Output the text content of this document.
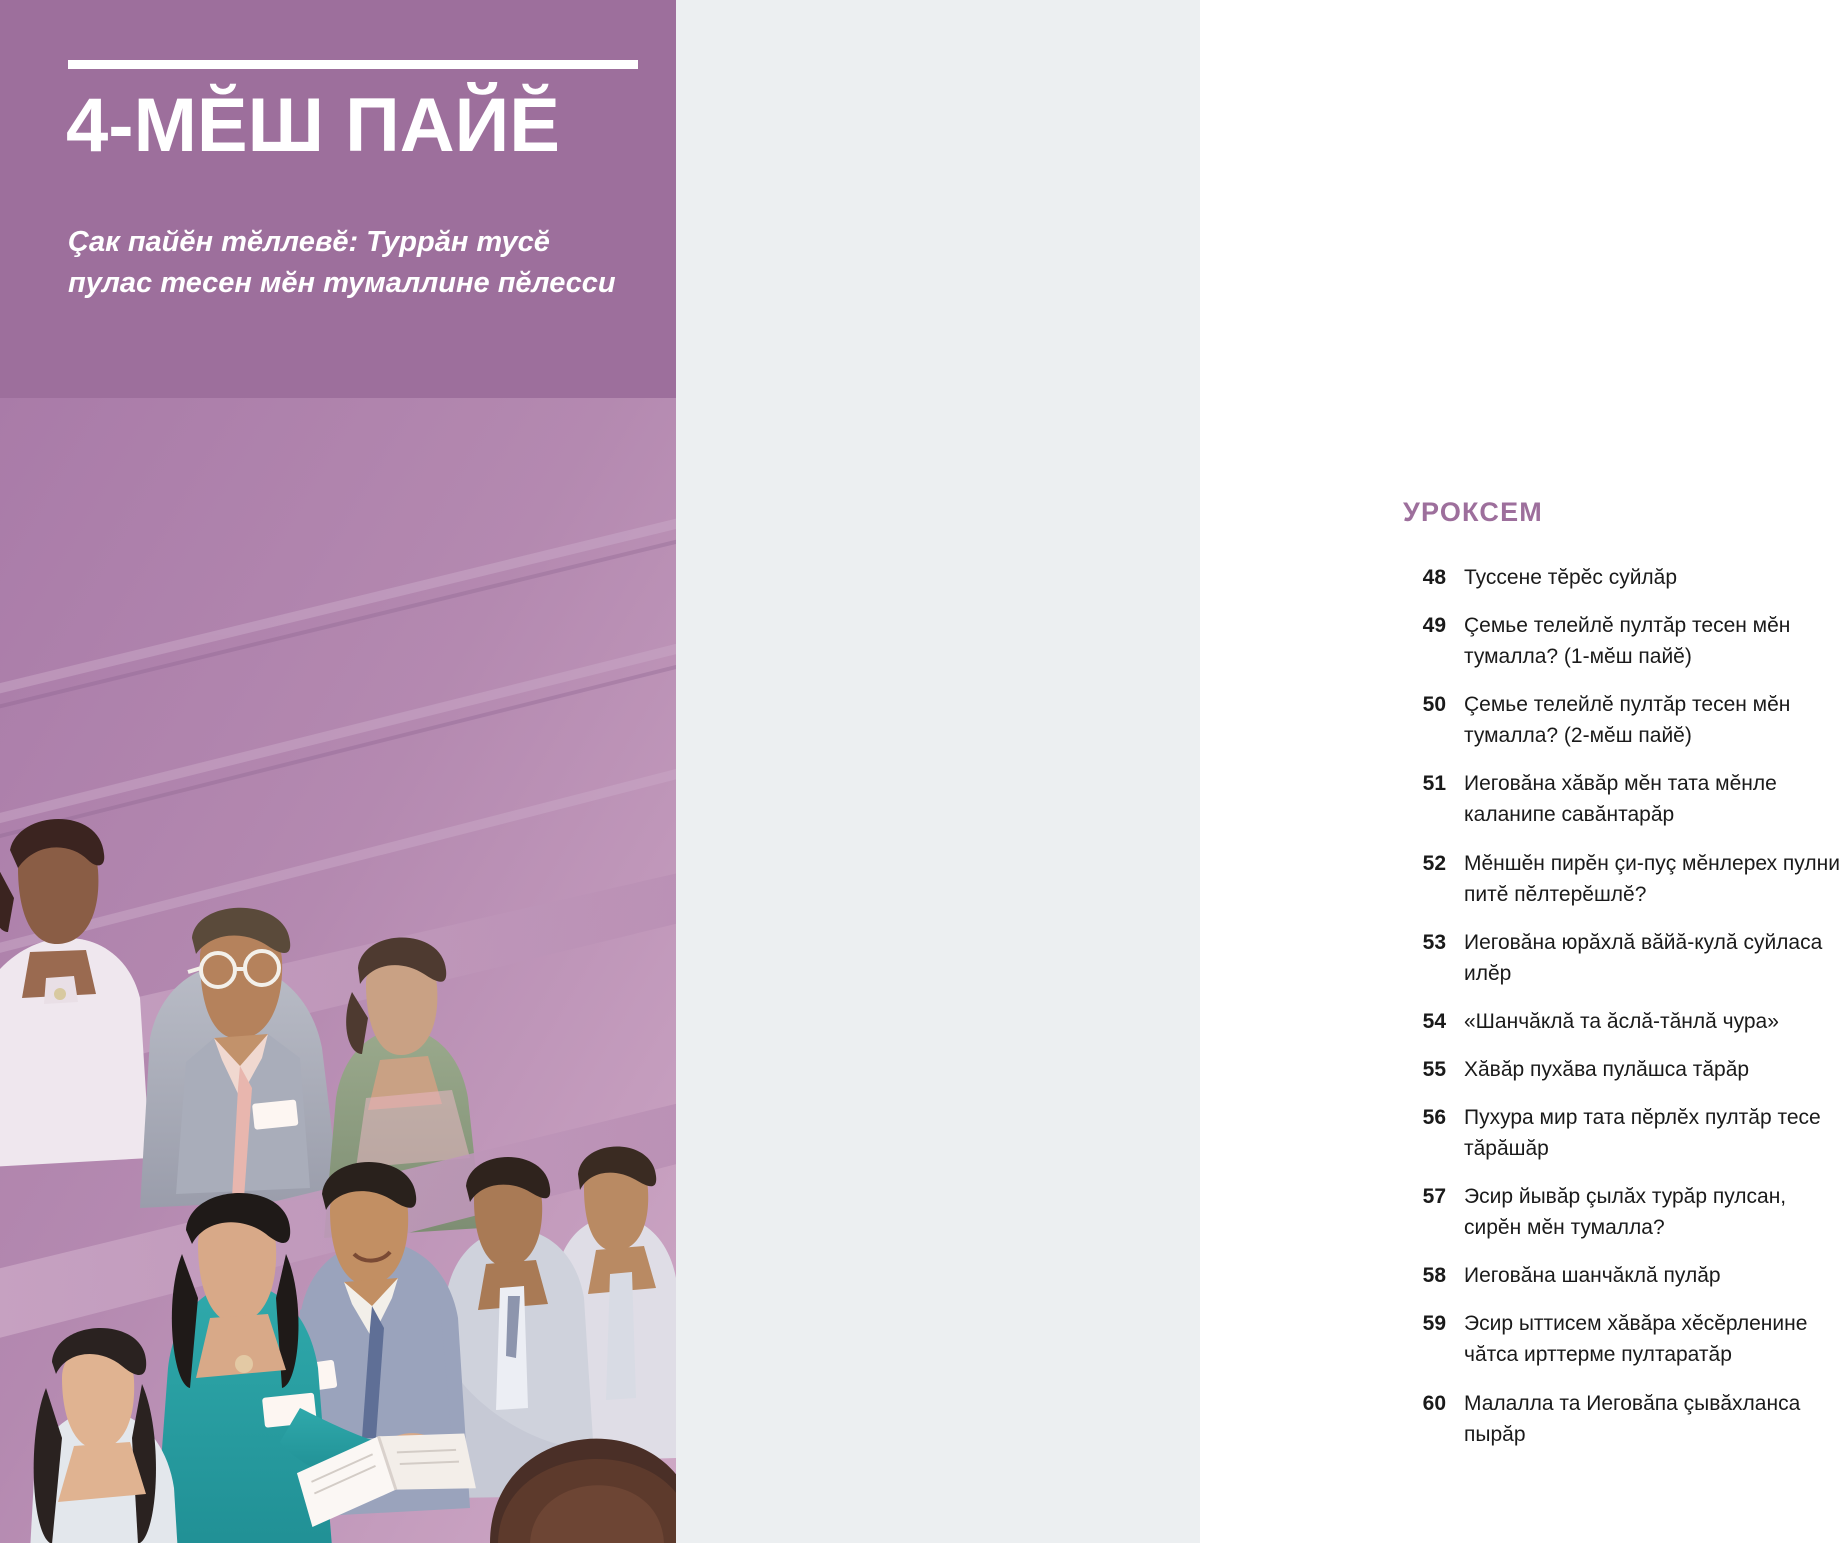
4-МӖШ ПАЙӖ
Çак пайӗн тӗллевӗ: Туррӑн тусӗ пулас тесен мӗн тумаллине пӗлесси
УРОКСЕМ
48 Туссене тӗрӗс суйлӑр
49 Çемье телейлӗ пултӑр тесен мӗн тумалла? (1-мӗш пайӗ)
50 Çемье телейлӗ пултӑр тесен мӗн тумалла? (2-мӗш пайӗ)
51 Иеговӑна хӑвӑр мӗн тата мӗнле каланипе савӑнтарӑр
52 Мӗншӗн пирӗн çи-пуç мӗнлерех пулни питӗ пӗлтерӗшлӗ?
53 Иеговӑна юрӑхлӑ вӑйӑ-кулӑ суйласа илӗр
54 «Шанчӑклӑ та ӑслӑ-тӑнлӑ чура»
55 Хӑвӑр пухӑва пулӑшса тӑрӑр
56 Пухура мир тата пӗрлӗх пултӑр тесе тӑрӑшӑр
57 Эсир йывӑр çылӑх турӑр пулсан, сирӗн мӗн тумалла?
58 Иеговӑна шанчӑклӑ пулӑр
59 Эсир ыттисем хӑвӑра хӗсӗрленине чӑтса ирттерме пултаратӑр
60 Малалла та Иеговӑпа çывӑхланса пырӑр
